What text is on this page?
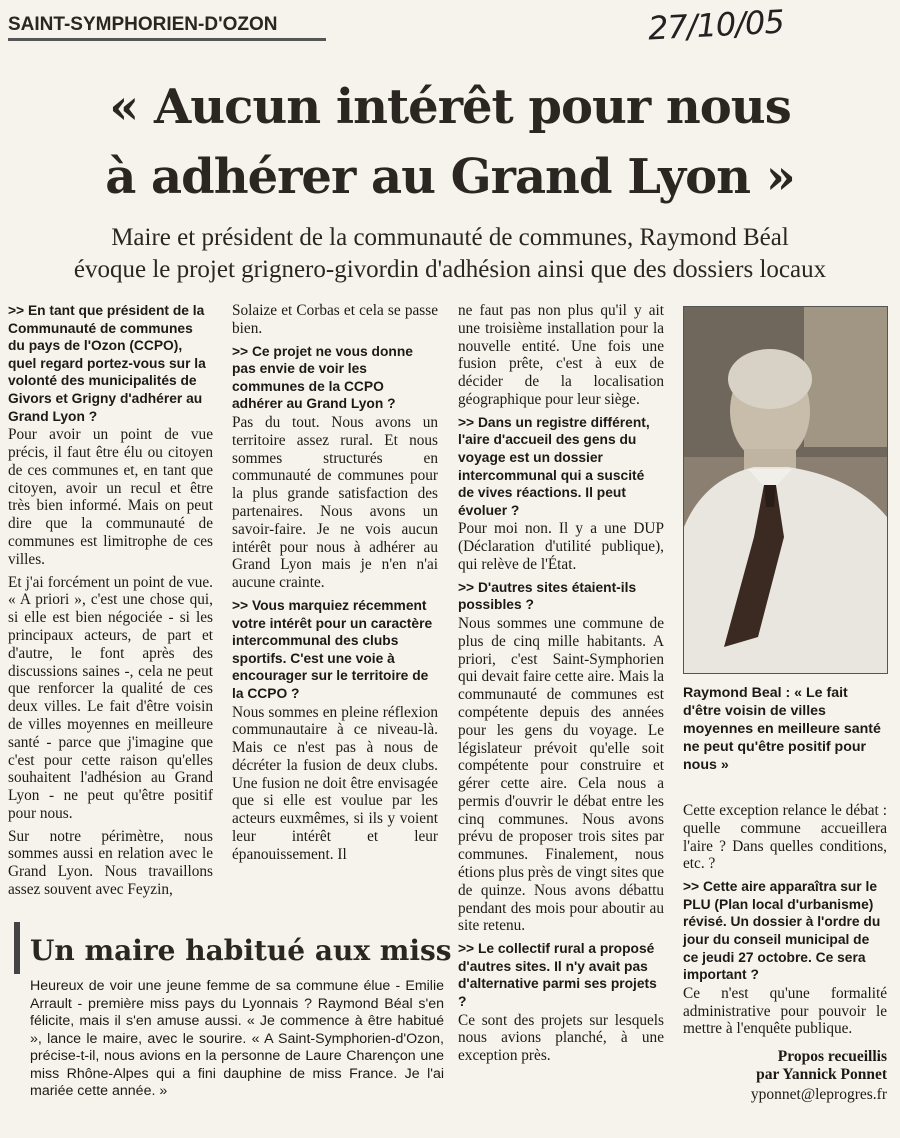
SAINT-SYMPHORIEN-D'OZON	27/10/05
« Aucun intérêt pour nous
à adhérer au Grand Lyon »
Maire et président de la communauté de communes, Raymond Béal
évoque le projet grignero-givordin d'adhésion ainsi que des dossiers locaux

>> En tant que président de la Communauté de communes du pays de l'Ozon (CCPO), quel regard portez-vous sur la volonté des municipalités de Givors et Grigny d'adhérer au Grand Lyon ?

Pour avoir un point de vue précis, il faut être élu ou citoyen de ces communes et, en tant que citoyen, avoir un recul et être très bien informé. Mais on peut dire que la communauté de communes est limitrophe de ces villes.

Et j'ai forcément un point de vue. « A priori », c'est une chose qui, si elle est bien négociée - si les principaux acteurs, de part et d'autre, le font après des discussions saines -, cela ne peut que renforcer la qualité de ces deux villes. Le fait d'être voisin de villes moyennes en meilleure santé - parce que j'imagine que c'est pour cette raison qu'elles souhaitent l'adhésion au Grand Lyon - ne peut qu'être positif pour nous.

Sur notre périmètre, nous sommes aussi en relation avec le Grand Lyon. Nous travaillons assez souvent avec Feyzin,

Solaize et Corbas et cela se passe bien.

>> Ce projet ne vous donne pas envie de voir les communes de la CCPO adhérer au Grand Lyon ?

Pas du tout. Nous avons un territoire assez rural. Et nous sommes structurés en communauté de communes pour la plus grande satisfaction des partenaires. Nous avons un savoir-faire. Je ne vois aucun intérêt pour nous à adhérer au Grand Lyon mais je n'en n'ai aucune crainte.

>> Vous marquiez récemment votre intérêt pour un caractère intercommunal des clubs sportifs. C'est une voie à encourager sur le territoire de la CCPO ?

Nous sommes en pleine réflexion communautaire à ce niveau-là. Mais ce n'est pas à nous de décréter la fusion de deux clubs. Une fusion ne doit être envisagée que si elle est voulue par les acteurs euxmêmes, si ils y voient leur intérêt et leur épanouissement. Il

ne faut pas non plus qu'il y ait une troisième installation pour la nouvelle entité. Une fois une fusion prête, c'est à eux de décider de la localisation géographique pour leur siège.

>> Dans un registre différent, l'aire d'accueil des gens du voyage est un dossier intercommunal qui a suscité de vives réactions. Il peut évoluer ?

Pour moi non. Il y a une DUP (Déclaration d'utilité publique), qui relève de l'État.

>> D'autres sites étaient-ils possibles ?

Nous sommes une commune de plus de cinq mille habitants. A priori, c'est Saint-Symphorien qui devait faire cette aire. Mais la communauté de communes est compétente depuis des années pour les gens du voyage. Le législateur prévoit qu'elle soit compétente pour construire et gérer cette aire. Cela nous a permis d'ouvrir le débat entre les cinq communes. Nous avons prévu de proposer trois sites par communes. Finalement, nous étions plus près de vingt sites que de quinze. Nous avons débattu pendant des mois pour aboutir au site retenu.

>> Le collectif rural a proposé d'autres sites. Il n'y avait pas d'alternative parmi ses projets ?

Ce sont des projets sur lesquels nous avions planché, à une exception près.

Raymond Beal : « Le fait d'être voisin de villes moyennes en meilleure santé ne peut qu'être positif pour nous »

Cette exception relance le débat : quelle commune accueillera l'aire ? Dans quelles conditions, etc. ?

>> Cette aire apparaîtra sur le PLU (Plan local d'urbanisme) révisé. Un dossier à l'ordre du jour du conseil municipal de ce jeudi 27 octobre. Ce sera important ?

Ce n'est qu'une formalité administrative pour pouvoir le mettre à l'enquête publique.

Un maire habitué aux miss

Heureux de voir une jeune femme de sa commune élue - Emilie Arrault - première miss pays du Lyonnais ? Raymond Béal s'en félicite, mais il s'en amuse aussi. « Je commence à être habitué », lance le maire, avec le sourire. « A Saint-Symphorien-d'Ozon, précise-t-il, nous avions en la personne de Laure Charençon une miss Rhône-Alpes qui a fini dauphine de miss France. Je l'ai mariée cette année. »

Propos recueillis
par Yannick Ponnet
yponnet@leprogres.fr
